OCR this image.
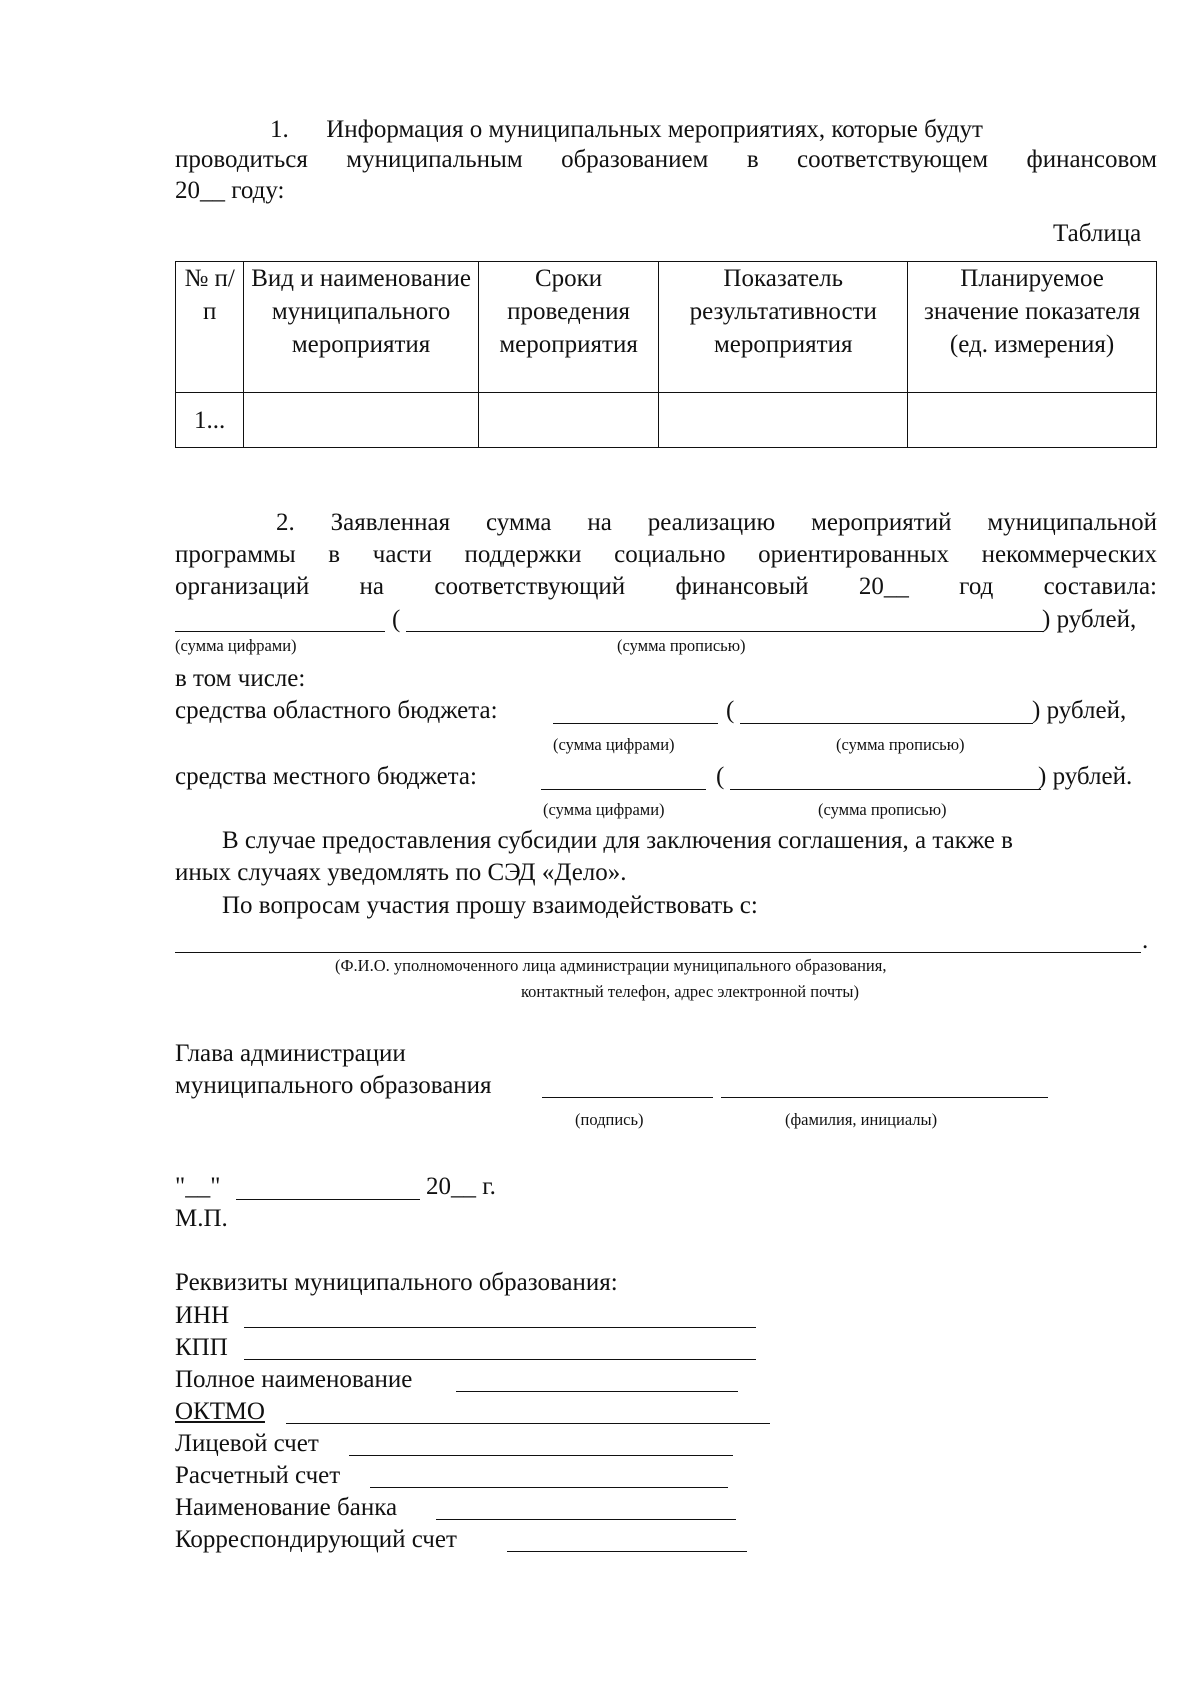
1.      Информация о муниципальных мероприятиях, которые будут
проводиться муниципальным образованием в соответствующем финансовом
20__ году:
Таблица
№ п/п	Вид и наименование муниципального мероприятия	Сроки проведения мероприятия	Показатель результативности мероприятия	Планируемое значение показателя (ед. измерения)
1...				
2. Заявленная сумма на реализацию мероприятий муниципальной
программы в части поддержки социально ориентированных некоммерческих
организаций на соответствующий финансовый 20__ год составила:
(	) рублей,
(сумма цифрами)	(сумма прописью)
в том числе:
средства областного бюджета:	(	) рублей,
(сумма цифрами)	(сумма прописью)
средства местного бюджета:	(	) рублей.
(сумма цифрами)	(сумма прописью)
В случае предоставления субсидии для заключения соглашения, а также в
иных случаях уведомлять по СЭД «Дело».
По вопросам участия прошу взаимодействовать с:
.
(Ф.И.О. уполномоченного лица администрации муниципального образования,
контактный телефон, адрес электронной почты)
Глава администрации
муниципального образования
(подпись)	(фамилия, инициалы)
"__"	20__ г.
М.П.
Реквизиты муниципального образования:
ИНН
КПП
Полное наименование
ОКТМО
Лицевой счет
Расчетный счет
Наименование банка
Корреспондирующий счет
